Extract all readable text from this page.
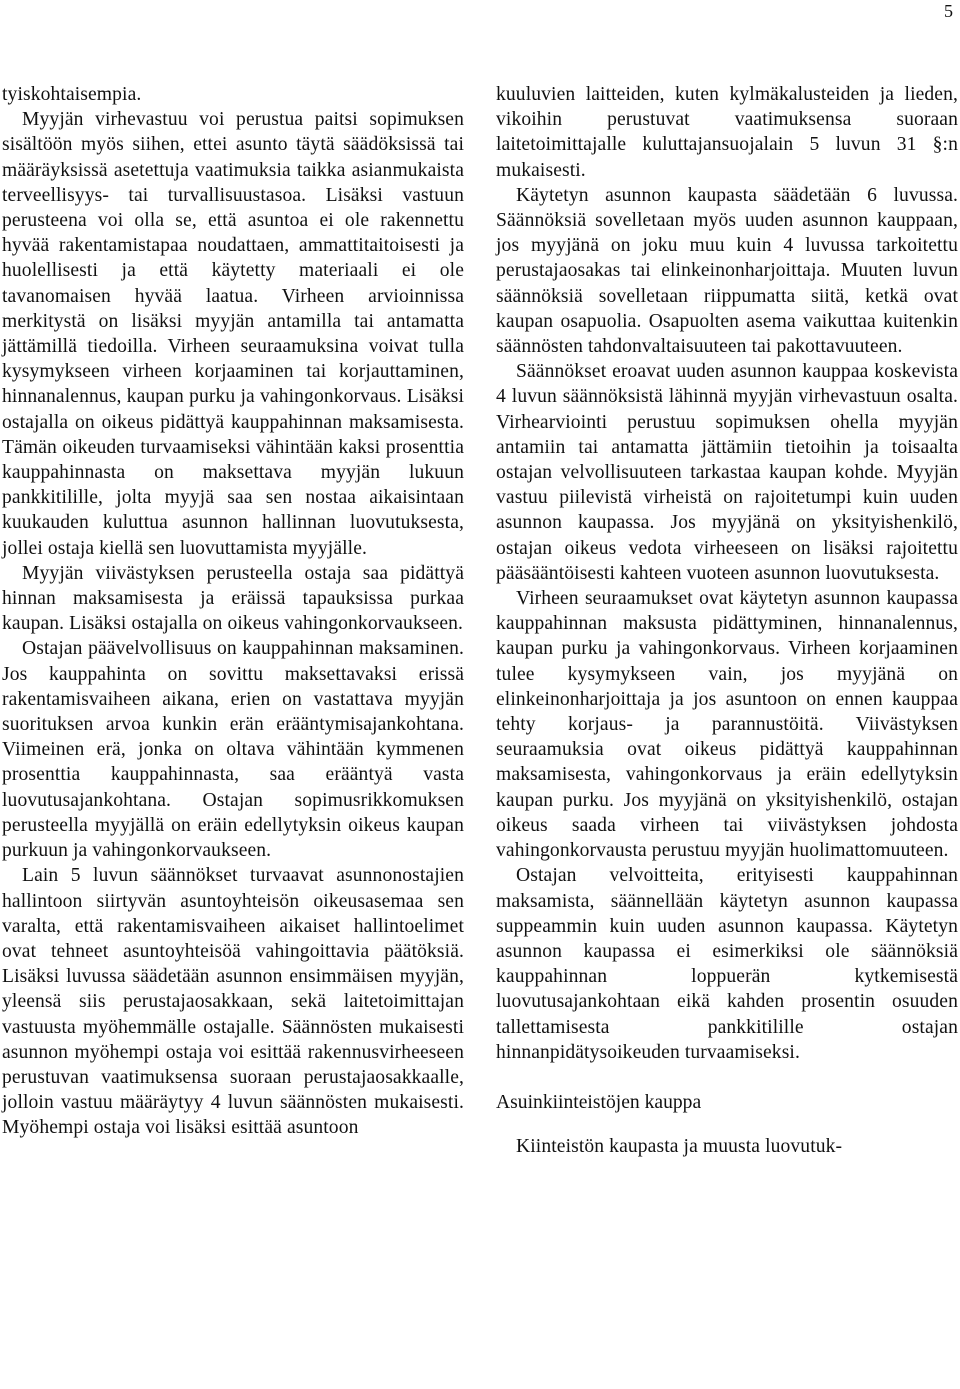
5

tyiskohtaisempia.

Myyjän virhevastuu voi perustua paitsi sopimuksen sisältöön myös siihen, ettei asunto täytä säädöksissä tai määräyksissä asetettuja vaatimuksia taikka asianmukaista terveellisyys- tai turvallisuustasoa. Lisäksi vastuun perusteena voi olla se, että asuntoa ei ole rakennettu hyvää rakentamistapaa noudattaen, ammattitaitoisesti ja huolellisesti ja että käytetty materiaali ei ole tavanomaisen hyvää laatua. Virheen arvioinnissa merkitystä on lisäksi myyjän antamilla tai antamatta jättämillä tiedoilla. Virheen seuraamuksina voivat tulla kysymykseen virheen korjaaminen tai korjauttaminen, hinnanalennus, kaupan purku ja vahingonkorvaus. Lisäksi ostajalla on oikeus pidättyä kauppahinnan maksamisesta. Tämän oikeuden turvaamiseksi vähintään kaksi prosenttia kauppahinnasta on maksettava myyjän lukuun pankkitilille, jolta myyjä saa sen nostaa aikaisintaan kuukauden kuluttua asunnon hallinnan luovutuksesta, jollei ostaja kiellä sen luovuttamista myyjälle.

Myyjän viivästyksen perusteella ostaja saa pidättyä hinnan maksamisesta ja eräissä tapauksissa purkaa kaupan. Lisäksi ostajalla on oikeus vahingonkorvaukseen.

Ostajan päävelvollisuus on kauppahinnan maksaminen. Jos kauppahinta on sovittu maksettavaksi erissä rakentamisvaiheen aikana, erien on vastattava myyjän suorituksen arvoa kunkin erän erääntymisajankohtana. Viimeinen erä, jonka on oltava vähintään kymmenen prosenttia kauppahinnasta, saa erääntyä vasta luovutusajankohtana. Ostajan sopimusrikkomuksen perusteella myyjällä on eräin edellytyksin oikeus kaupan purkuun ja vahingonkorvaukseen.

Lain 5 luvun säännökset turvaavat asunnonostajien hallintoon siirtyvän asuntoyhteisön oikeusasemaa sen varalta, että rakentamisvaiheen aikaiset hallintoelimet ovat tehneet asuntoyhteisöä vahingoittavia päätöksiä. Lisäksi luvussa säädetään asunnon ensimmäisen myyjän, yleensä siis perustajaosakkaan, sekä laitetoimittajan vastuusta myöhemmälle ostajalle. Säännösten mukaisesti asunnon myöhempi ostaja voi esittää rakennusvirheeseen perustuvan vaatimuksensa suoraan perustajaosakkaalle, jolloin vastuu määräytyy 4 luvun säännösten mukaisesti. Myöhempi ostaja voi lisäksi esittää asuntoon

kuuluvien laitteiden, kuten kylmäkalusteiden ja lieden, vikoihin perustuvat vaatimuksensa suoraan laitetoimittajalle kuluttajansuojalain 5 luvun 31 §:n mukaisesti.

Käytetyn asunnon kaupasta säädetään 6 luvussa. Säännöksiä sovelletaan myös uuden asunnon kauppaan, jos myyjänä on joku muu kuin 4 luvussa tarkoitettu perustajaosakas tai elinkeinonharjoittaja. Muuten luvun säännöksiä sovelletaan riippumatta siitä, ketkä ovat kaupan osapuolia. Osapuolten asema vaikuttaa kuitenkin säännösten tahdonvaltaisuuteen tai pakottavuuteen.

Säännökset eroavat uuden asunnon kauppaa koskevista 4 luvun säännöksistä lähinnä myyjän virhevastuun osalta. Virhearviointi perustuu sopimuksen ohella myyjän antamiin tai antamatta jättämiin tietoihin ja toisaalta ostajan velvollisuuteen tarkastaa kaupan kohde. Myyjän vastuu piilevistä virheistä on rajoitetumpi kuin uuden asunnon kaupassa. Jos myyjänä on yksityishenkilö, ostajan oikeus vedota virheeseen on lisäksi rajoitettu pääsääntöisesti kahteen vuoteen asunnon luovutuksesta.

Virheen seuraamukset ovat käytetyn asunnon kaupassa kauppahinnan maksusta pidättyminen, hinnanalennus, kaupan purku ja vahingonkorvaus. Virheen korjaaminen tulee kysymykseen vain, jos myyjänä on elinkeinonharjoittaja ja jos asuntoon on ennen kauppaa tehty korjaus- ja parannustöitä. Viivästyksen seuraamuksia ovat oikeus pidättyä kauppahinnan maksamisesta, vahingonkorvaus ja eräin edellytyksin kaupan purku. Jos myyjänä on yksityishenkilö, ostajan oikeus saada virheen tai viivästyksen johdosta vahingonkorvausta perustuu myyjän huolimattomuuteen.

Ostajan velvoitteita, erityisesti kauppahinnan maksamista, säännellään käytetyn asunnon kaupassa suppeammin kuin uuden asunnon kaupassa. Käytetyn asunnon kaupassa ei esimerkiksi ole säännöksiä kauppahinnan loppuerän kytkemisestä luovutusajankohtaan eikä kahden prosentin osuuden tallettamisesta pankkitilille ostajan hinnanpidätysoikeuden turvaamiseksi.

Asuinkiinteistöjen kauppa

Kiinteistön kaupasta ja muusta luovutuk-
